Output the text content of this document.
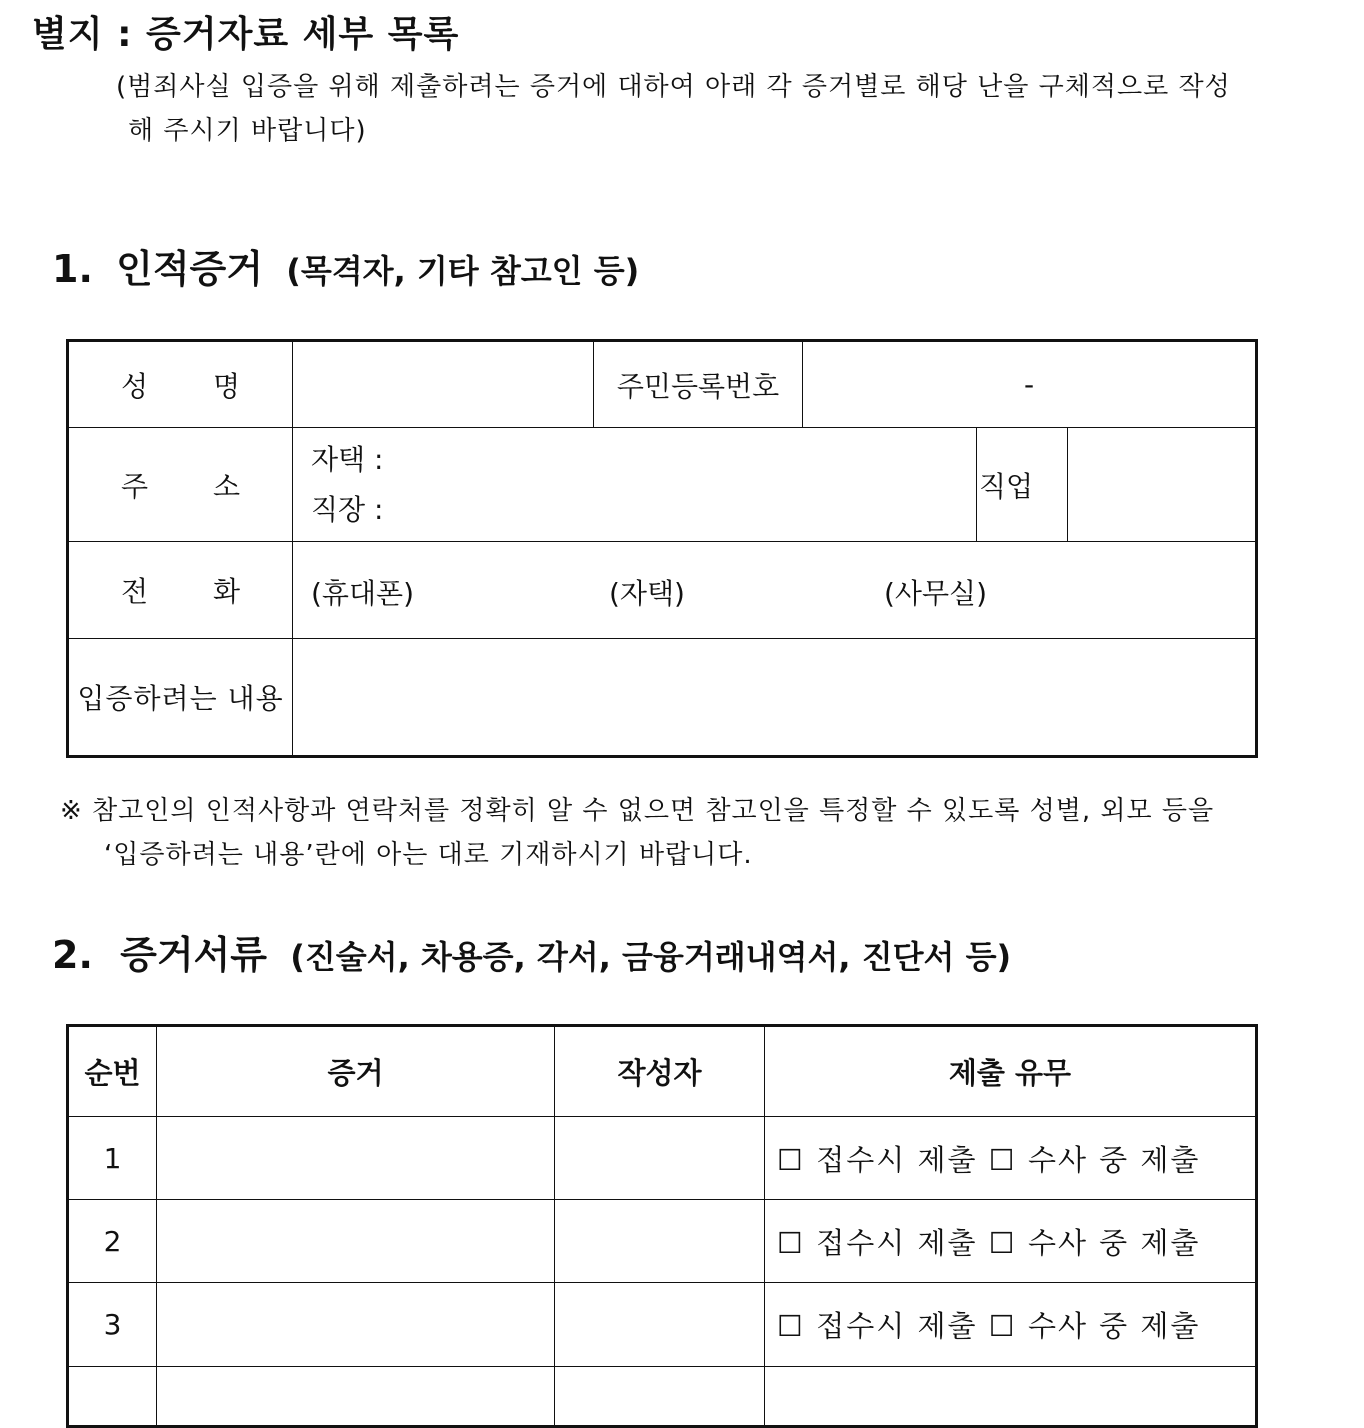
별지 : 증거자료 세부 목록
(범죄사실 입증을 위해 제출하려는 증거에 대하여 아래 각 증거별로 해당 난을 구체적으로 작성
해 주시기 바랍니다)
1. 인적증거 (목격자, 기타 참고인 등)
성 명		주민등록번호	-		
주 소	자택 :
직장 :			직업	
전 화	(휴대폰) (자택) (사무실)				

입증하려는 내용					
※ 참고인의 인적사항과 연락처를 정확히 알 수 없으면 참고인을 특정할 수 있도록 성별, 외모 등을
‘입증하려는 내용’란에 아는 대로 기재하시기 바랍니다.
2. 증거서류 (진술서, 차용증, 각서, 금융거래내역서, 진단서 등)
순번	증거	작성자	제출 유무
1			☐ 접수시 제출 ☐ 수사 중 제출
2			☐ 접수시 제출 ☐ 수사 중 제출
3			☐ 접수시 제출 ☐ 수사 중 제출
